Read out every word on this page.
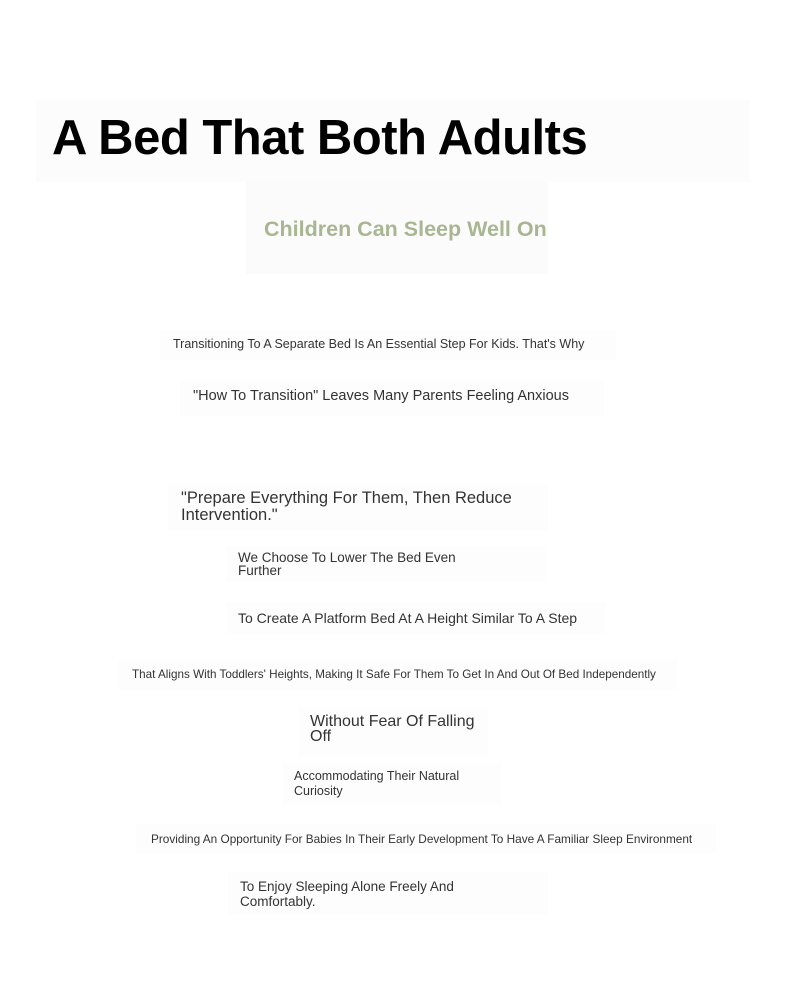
A Bed That Both Adults
Children Can Sleep Well On

Transitioning To A Separate Bed Is An Essential Step For Kids. That's Why

"How To Transition" Leaves Many Parents Feeling Anxious

"Prepare Everything For Them, Then Reduce Intervention."

We Choose To Lower The Bed Even Further

To Create A Platform Bed At A Height Similar To A Step

That Aligns With Toddlers' Heights, Making It Safe For Them To Get In And Out Of Bed Independently

Without Fear Of Falling Off

Accommodating Their Natural Curiosity

Providing An Opportunity For Babies In Their Early Development To Have A Familiar Sleep Environment

To Enjoy Sleeping Alone Freely And Comfortably.
